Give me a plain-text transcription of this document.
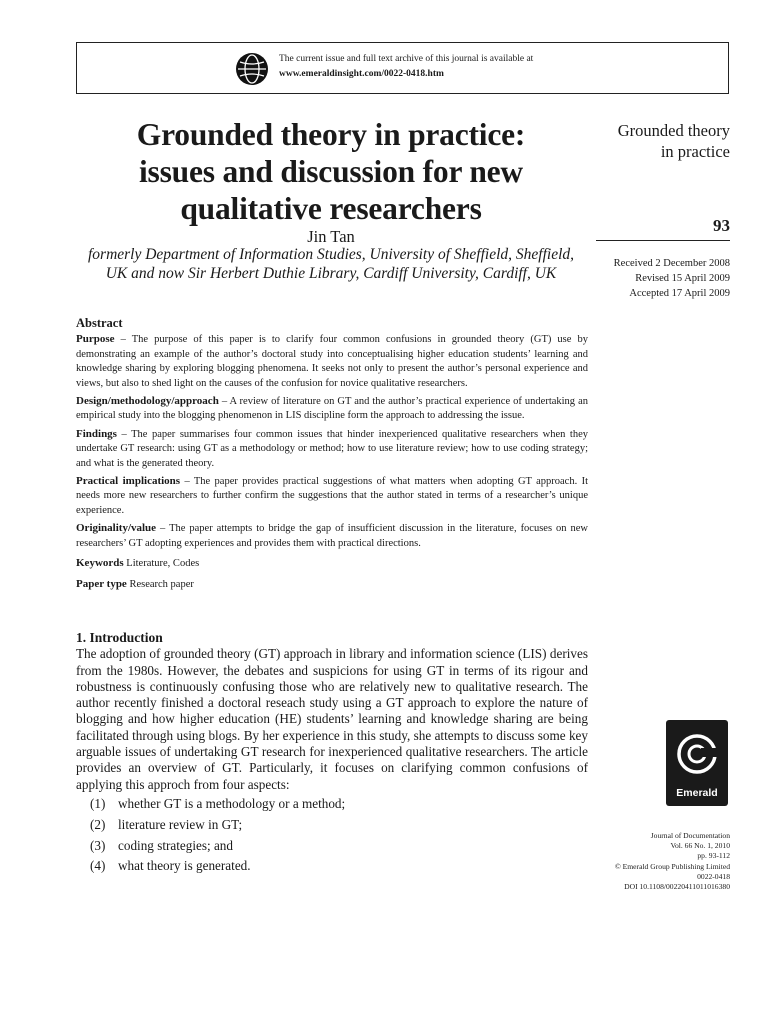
The current issue and full text archive of this journal is available at
www.emeraldinsight.com/0022-0418.htm
Grounded theory in practice:
issues and discussion for new
qualitative researchers
Jin Tan
formerly Department of Information Studies, University of Sheffield, Sheffield,
UK and now Sir Herbert Duthie Library, Cardiff University, Cardiff, UK
Grounded theory
in practice
93
Received 2 December 2008
Revised 15 April 2009
Accepted 17 April 2009
Abstract

Purpose – The purpose of this paper is to clarify four common confusions in grounded theory (GT) use by demonstrating an example of the author’s doctoral study into conceptualising higher education students’ learning and knowledge sharing by exploring blogging phenomena. It seeks not only to present the author’s personal experience and views, but also to shed light on the causes of the confusion for novice qualitative researchers.

Design/methodology/approach – A review of literature on GT and the author’s practical experience of undertaking an empirical study into the blogging phenomenon in LIS discipline form the approach to addressing the issue.

Findings – The paper summarises four common issues that hinder inexperienced qualitative researchers when they undertake GT research: using GT as a methodology or method; how to use literature review; how to use coding strategy; and what is the generated theory.

Practical implications – The paper provides practical suggestions of what matters when adopting GT approach. It needs more new researchers to further confirm the suggestions that the author stated in terms of a researcher’s unique experience.

Originality/value – The paper attempts to bridge the gap of insufficient discussion in the literature, focuses on new researchers’ GT adopting experiences and provides them with practical directions.

Keywords Literature, Codes

Paper type Research paper

1. Introduction

The adoption of grounded theory (GT) approach in library and information science (LIS) derives from the 1980s. However, the debates and suspicions for using GT in terms of its rigour and robustness is continuously confusing those who are relatively new to qualitative research. The author recently finished a doctoral reseach study using a GT approach to explore the nature of blogging and how higher education (HE) students’ learning and knowledge sharing are being facilitated through using blogs. By her experience in this study, she attempts to discuss some key arguable issues of undertaking GT research for inexperienced qualitative researchers. The article provides an overview of GT. Particularly, it focuses on clarifying common confusions of applying this approch from four aspects:

(1) whether GT is a methodology or a method;
(2) literature review in GT;
(3) coding strategies; and
(4) what theory is generated.
Emerald
Journal of Documentation
Vol. 66 No. 1, 2010
pp. 93-112
© Emerald Group Publishing Limited
0022-0418
DOI 10.1108/00220411011016380
